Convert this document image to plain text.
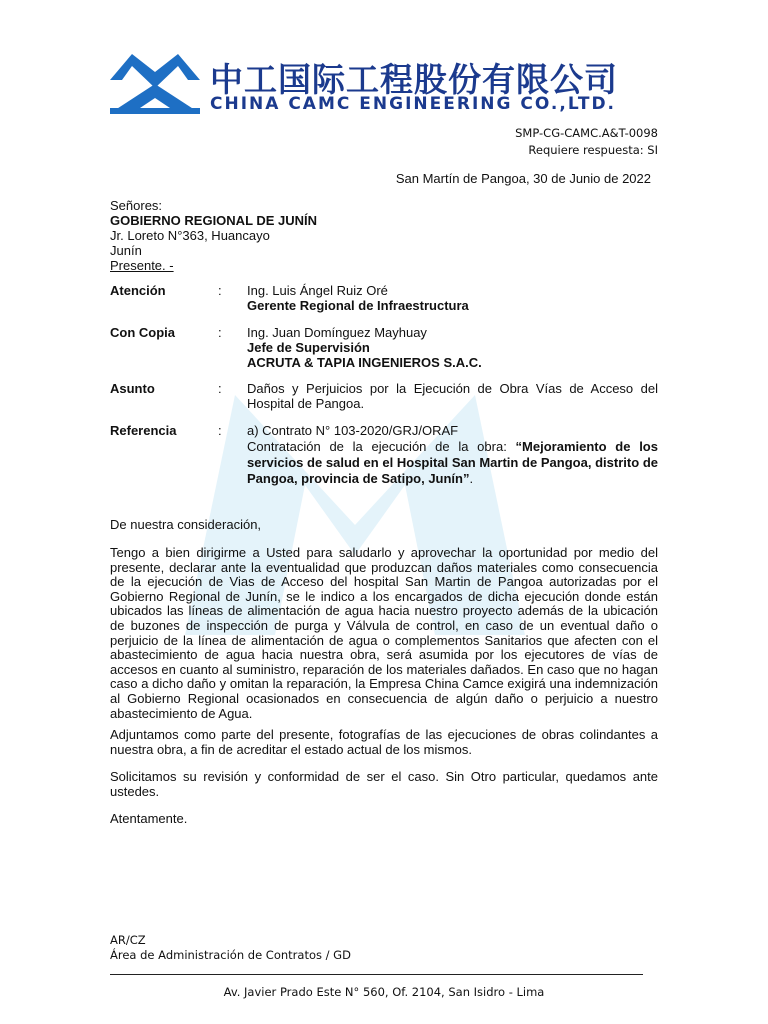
中工国际工程股份有限公司
CHINA CAMC ENGINEERING CO.,LTD.
SMP-CG-CAMC.A&T-0098
Requiere respuesta: SI
San Martín de Pangoa, 30 de Junio de 2022
Señores:
GOBIERNO REGIONAL DE JUNÍN
Jr. Loreto N°363, Huancayo
Junín
Presente. -
Atención	: Ing. Luis Ángel Ruiz Oré
Gerente Regional de Infraestructura
Con Copia	: Ing. Juan Domínguez Mayhuay
Jefe de Supervisión
ACRUTA & TAPIA INGENIEROS S.A.C.
Asunto	: Daños y Perjuicios por la Ejecución de Obra Vías de Acceso del Hospital de Pangoa.
Referencia	: a) Contrato N° 103-2020/GRJ/ORAF
Contratación de la ejecución de la obra: “Mejoramiento de los servicios de salud en el Hospital San Martin de Pangoa, distrito de Pangoa, provincia de Satipo, Junín”.
De nuestra consideración,
Tengo a bien dirigirme a Usted para saludarlo y aprovechar la oportunidad por medio del presente, declarar ante la eventualidad que produzcan daños materiales como consecuencia de la ejecución de Vias de Acceso del hospital San Martin de Pangoa autorizadas por el Gobierno Regional de Junín, se le indico a los encargados de dicha ejecución donde están ubicados las líneas de alimentación de agua hacia nuestro proyecto además de la ubicación de buzones de inspección de purga y Válvula de control, en caso de un eventual daño o perjuicio de la línea de alimentación de agua o complementos Sanitarios que afecten con el abastecimiento de agua hacia nuestra obra, será asumida por los ejecutores de vías de accesos en cuanto al suministro, reparación de los materiales dañados. En caso que no hagan caso a dicho daño y omitan la reparación, la Empresa China Camce exigirá una indemnización al Gobierno Regional ocasionados en consecuencia de algún daño o perjuicio a nuestro abastecimiento de Agua.
Adjuntamos como parte del presente, fotografías de las ejecuciones de obras colindantes a nuestra obra, a fin de acreditar el estado actual de los mismos.
Solicitamos su revisión y conformidad de ser el caso. Sin Otro particular, quedamos ante ustedes.
Atentamente.
AR/CZ
Área de Administración de Contratos / GD
Av. Javier Prado Este N° 560, Of. 2104, San Isidro - Lima
